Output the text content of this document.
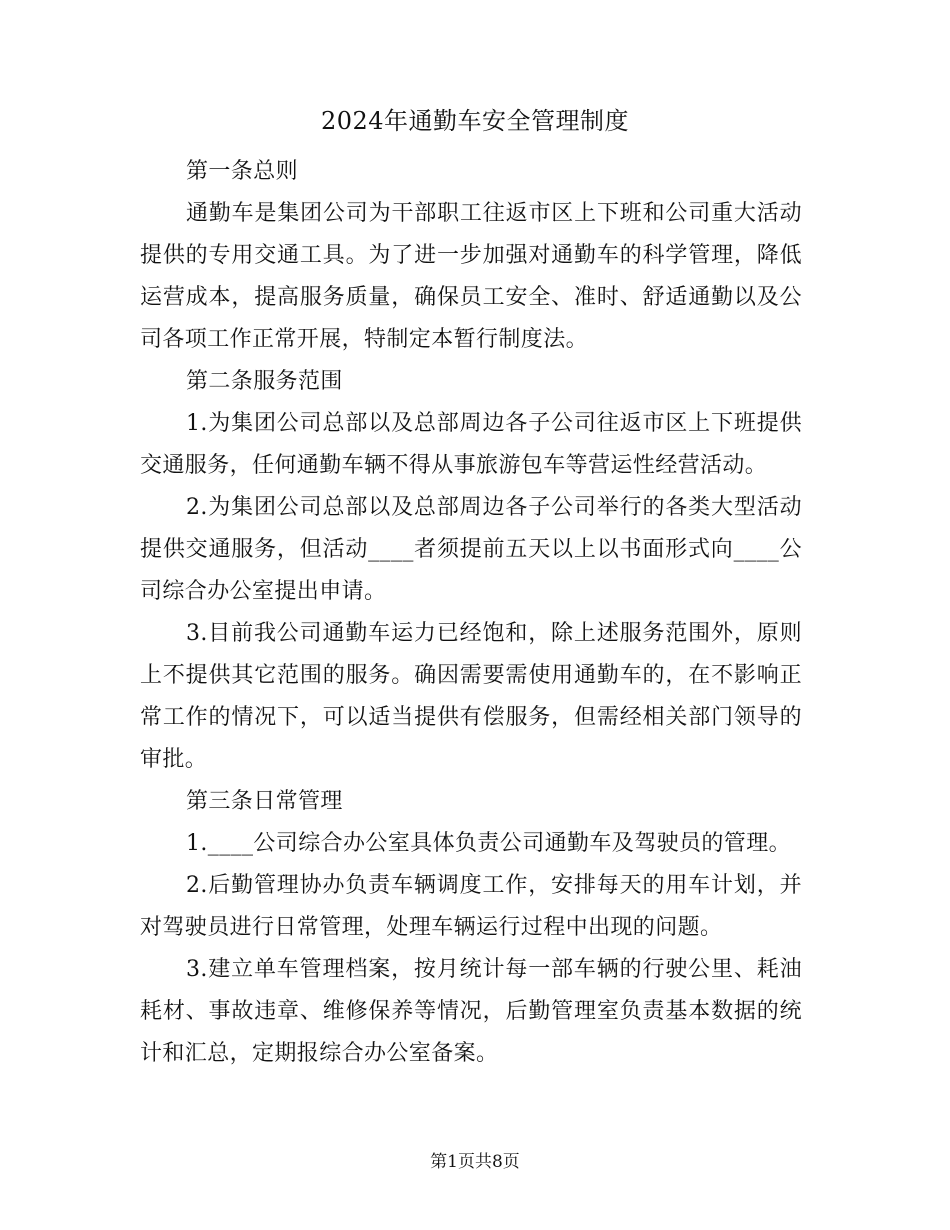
2024年通勤车安全管理制度

第一条总则

通勤车是集团公司为干部职工往返市区上下班和公司重大活动提供的专用交通工具。为了进一步加强对通勤车的科学管理，降低运营成本，提高服务质量，确保员工安全、准时、舒适通勤以及公司各项工作正常开展，特制定本暂行制度法。

第二条服务范围

1.为集团公司总部以及总部周边各子公司往返市区上下班提供交通服务，任何通勤车辆不得从事旅游包车等营运性经营活动。

2.为集团公司总部以及总部周边各子公司举行的各类大型活动提供交通服务，但活动____者须提前五天以上以书面形式向____公司综合办公室提出申请。

3.目前我公司通勤车运力已经饱和，除上述服务范围外，原则上不提供其它范围的服务。确因需要需使用通勤车的，在不影响正常工作的情况下，可以适当提供有偿服务，但需经相关部门领导的审批。

第三条日常管理

1.____公司综合办公室具体负责公司通勤车及驾驶员的管理。

2.后勤管理协办负责车辆调度工作，安排每天的用车计划，并对驾驶员进行日常管理，处理车辆运行过程中出现的问题。

3.建立单车管理档案，按月统计每一部车辆的行驶公里、耗油耗材、事故违章、维修保养等情况，后勤管理室负责基本数据的统计和汇总，定期报综合办公室备案。

第1页共8页
